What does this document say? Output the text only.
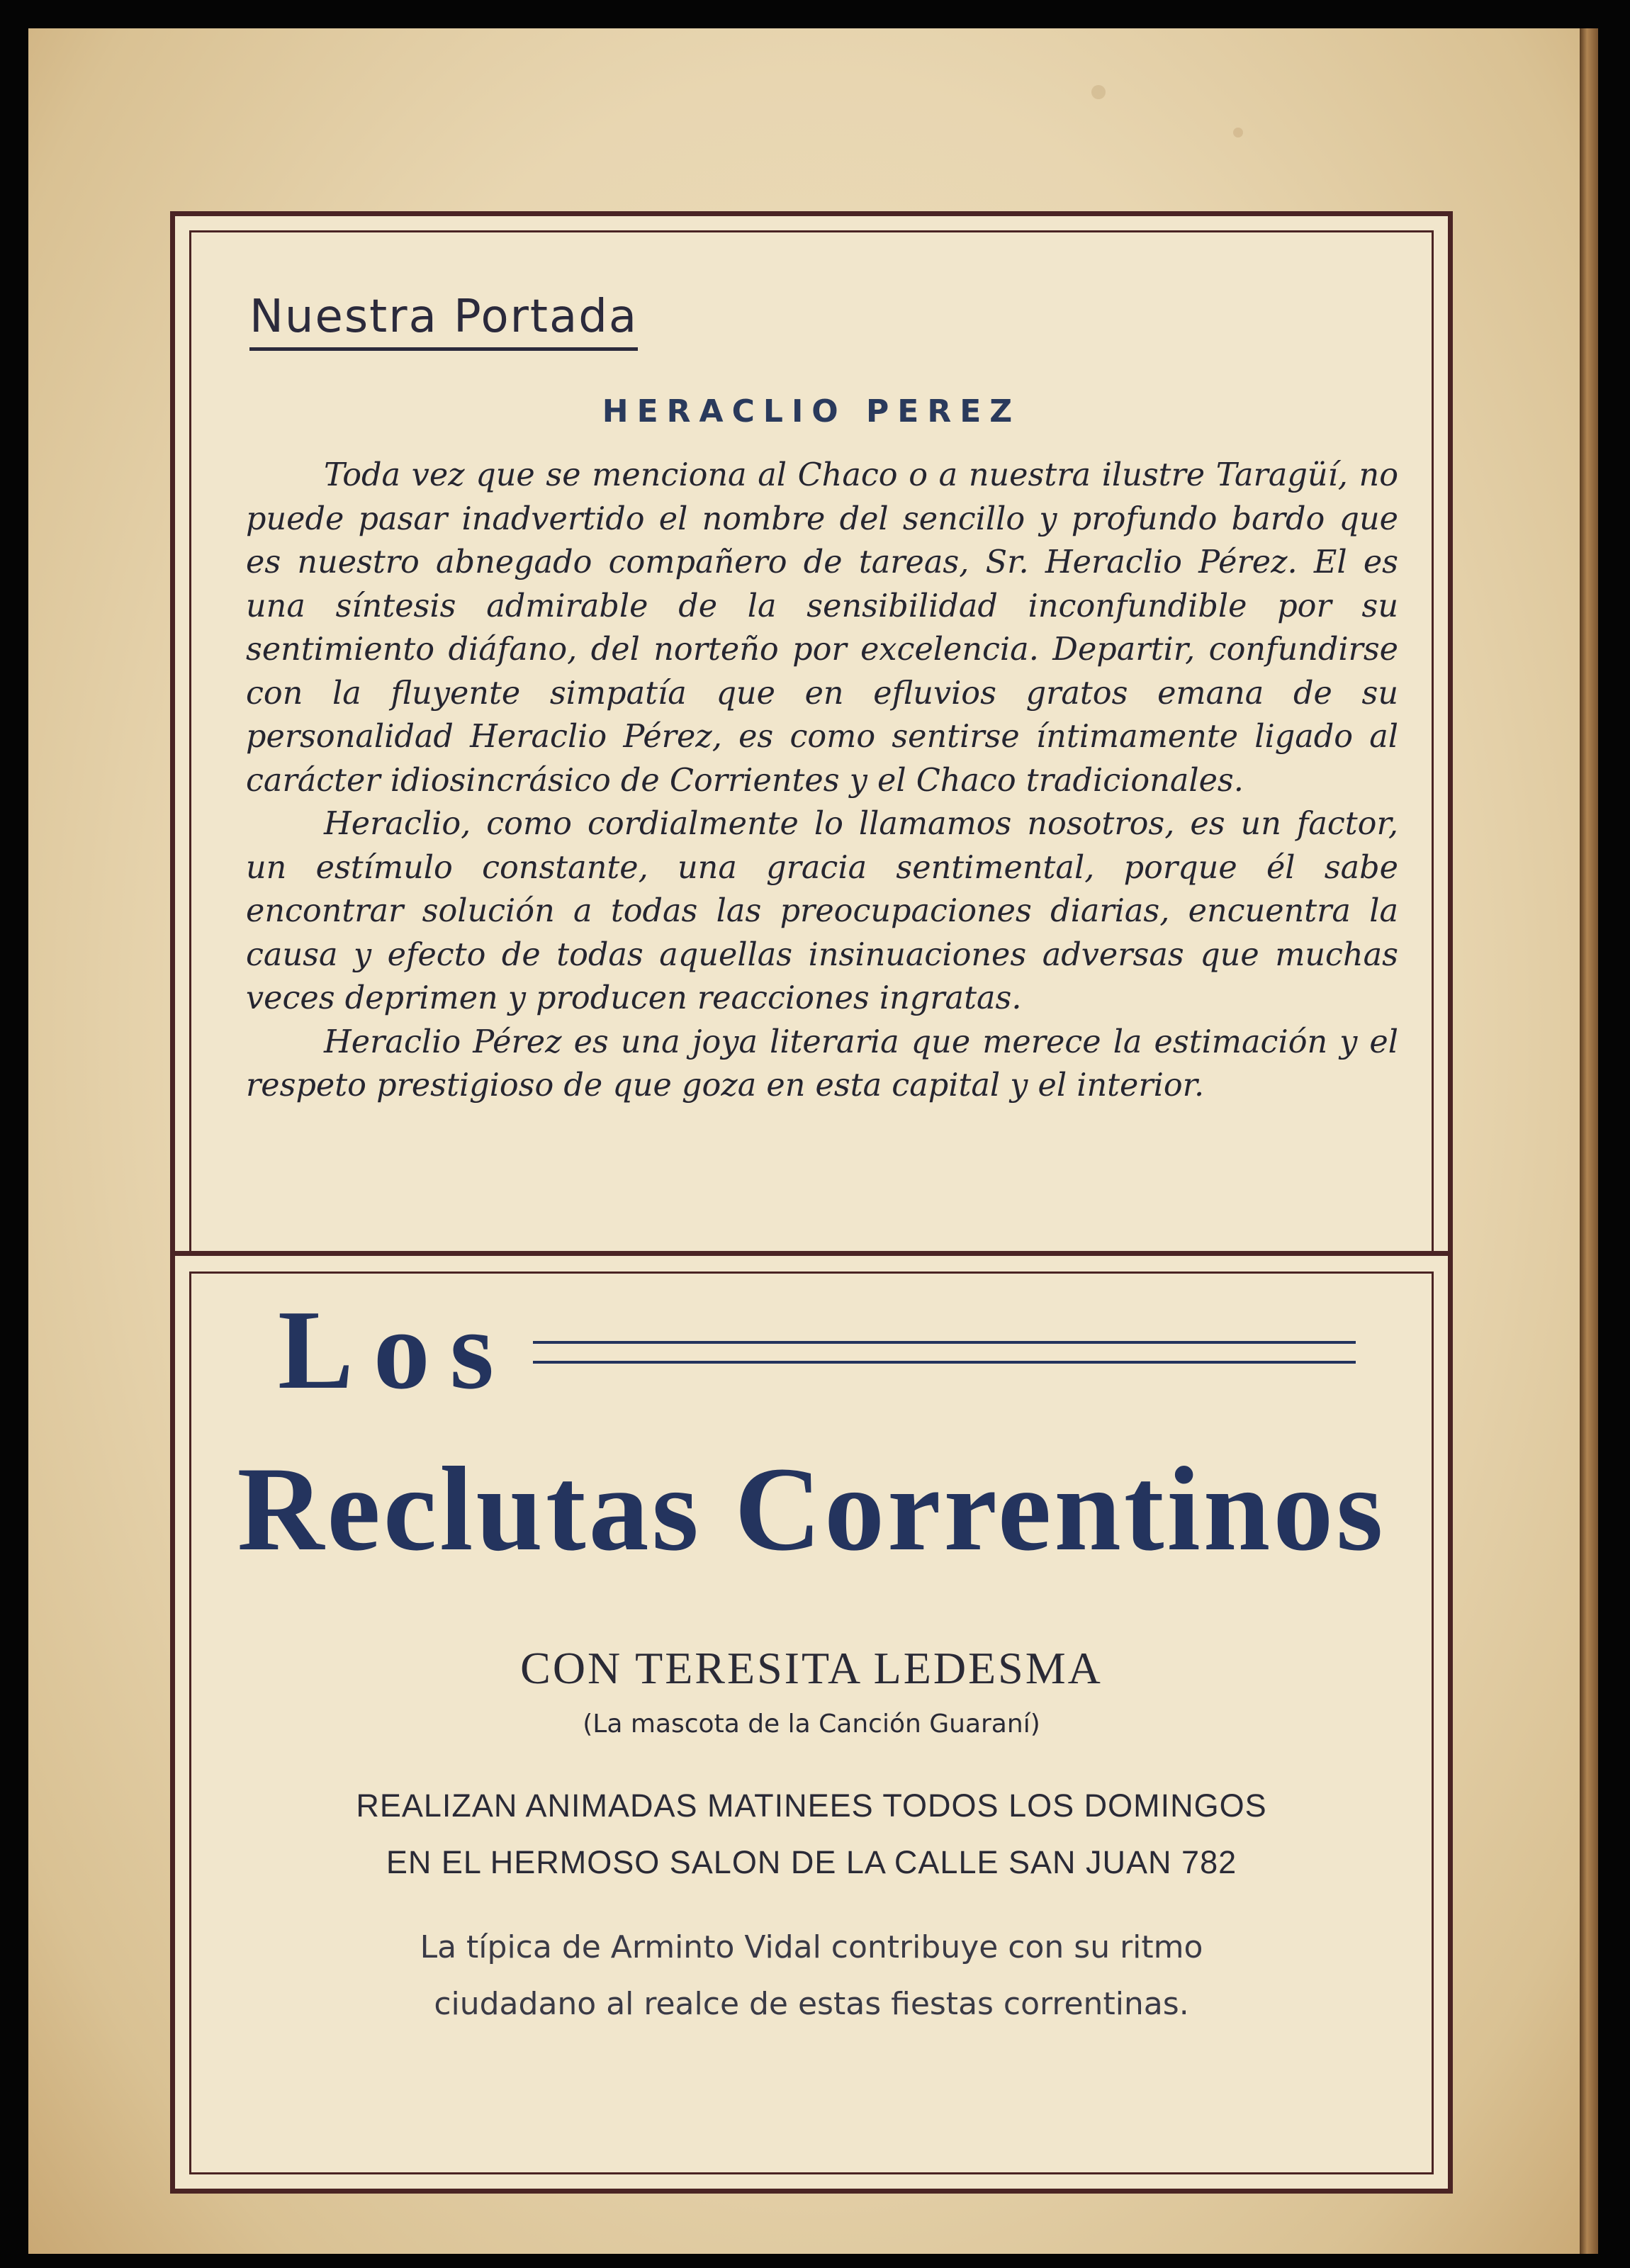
Nuestra Portada
HERACLIO PEREZ

Toda vez que se menciona al Chaco o a nuestra ilustre Taragüí, no puede pasar inadvertido el nombre del sencillo y profundo bardo que es nuestro abnegado compañero de tareas, Sr. Heraclio Pérez. El es una síntesis admirable de la sensibilidad inconfundible por su sentimiento diáfano, del norteño por excelencia. Departir, confundirse con la fluyente simpatía que en efluvios gratos emana de su personalidad Heraclio Pérez, es como sentirse íntimamente ligado al carácter idiosincrásico de Corrientes y el Chaco tradicionales.

Heraclio, como cordialmente lo llamamos nosotros, es un factor, un estímulo constante, una gracia sentimental, porque él sabe encontrar solución a todas las preocupaciones diarias, encuentra la causa y efecto de todas aquellas insinuaciones adversas que muchas veces deprimen y producen reacciones ingratas.

Heraclio Pérez es una joya literaria que merece la estimación y el respeto prestigioso de que goza en esta capital y el interior.

Los
Reclutas Correntinos
CON TERESITA LEDESMA
(La mascota de la Canción Guaraní)
REALIZAN ANIMADAS MATINEES TODOS LOS DOMINGOS
EN EL HERMOSO SALON DE LA CALLE SAN JUAN 782
La típica de Arminto Vidal contribuye con su ritmo
ciudadano al realce de estas fiestas correntinas.
